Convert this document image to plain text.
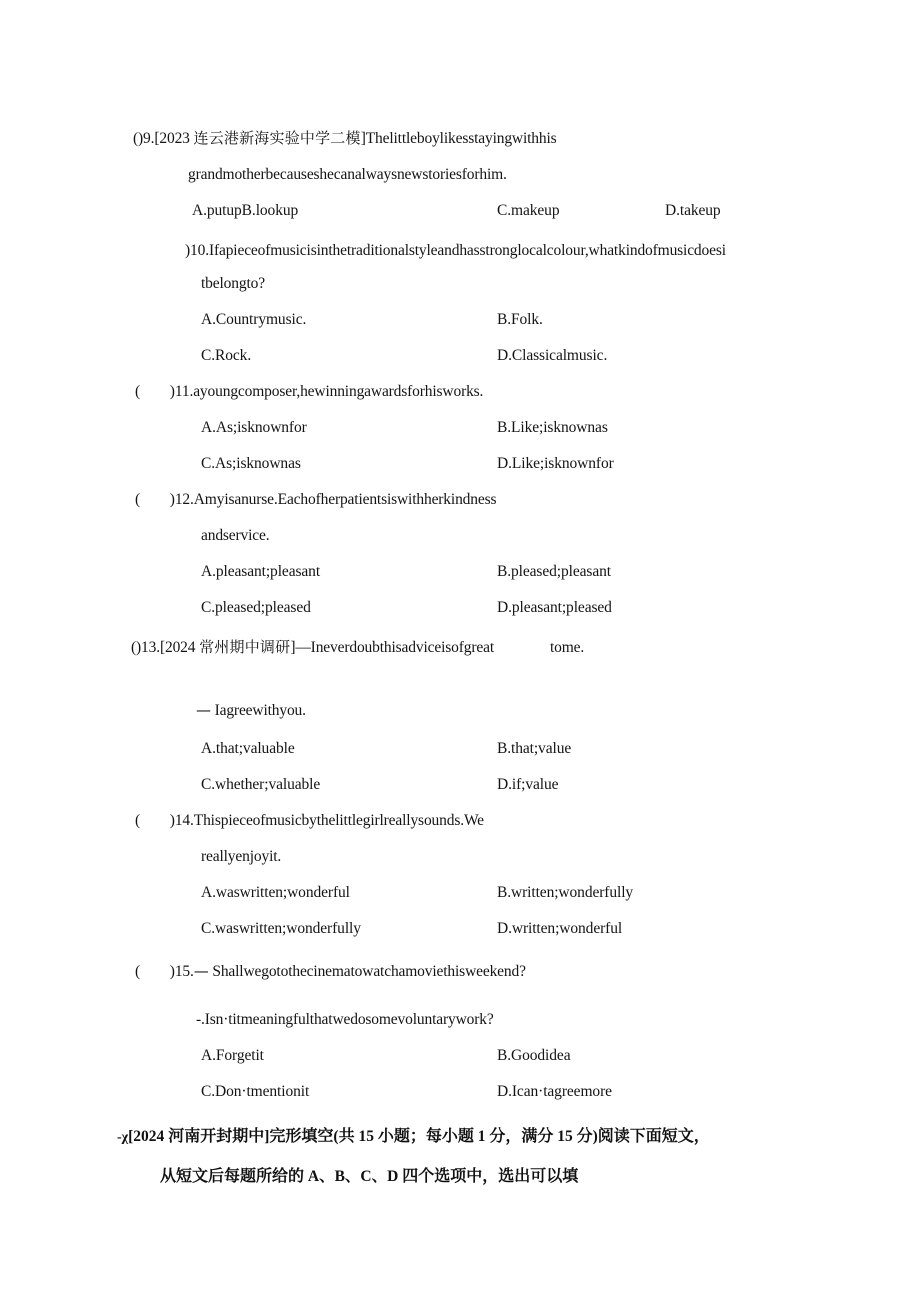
()9.[2023 连云港新海实验中学二模]Thelittleboylikesstayingwithhis
grandmotherbecauseshecanalwaysnewstoriesforhim.
A.putupB.lookup	C.makeup	D.takeup
)10.Ifapieceofmusicisinthetraditionalstyleandhasstronglocalcolour,whatkindofmusicdoesi
tbelongto?
A.Countrymusic.	B.Folk.
C.Rock.	D.Classicalmusic.
(        )11.ayoungcomposer,hewinningawardsforhisworks.
A.As;isknownfor	B.Like;isknownas
C.As;isknownas	D.Like;isknownfor
(        )12.Amyisanurse.Eachofherpatientsiswithherkindness
andservice.
A.pleasant;pleasant	B.pleased;pleasant
C.pleased;pleased	D.pleasant;pleased
()13.[2024 常州期中调研]—Ineverdoubthisadviceisofgreat	tome.
— Iagreewithyou.
A.that;valuable	B.that;value
C.whether;valuable	D.if;value
(        )14.Thispieceofmusicbythelittlegirlreallysounds.We
reallyenjoyit.
A.waswritten;wonderful	B.written;wonderfully
C.waswritten;wonderfully	D.written;wonderful
(        )15.— Shallwegotothecinematowatchamoviethisweekend?
-.Isn·titmeaningfulthatwedosomevoluntarywork?
A.Forgetit	B.Goodidea
C.Don·tmentionit	D.Ican·tagreemore
-χ[2024 河南开封期中]完形填空(共 15 小题；每小题 1 分，满分 15 分)阅读下面短文，
从短文后每题所给的 A、B、C、D 四个选项中，选出可以填
